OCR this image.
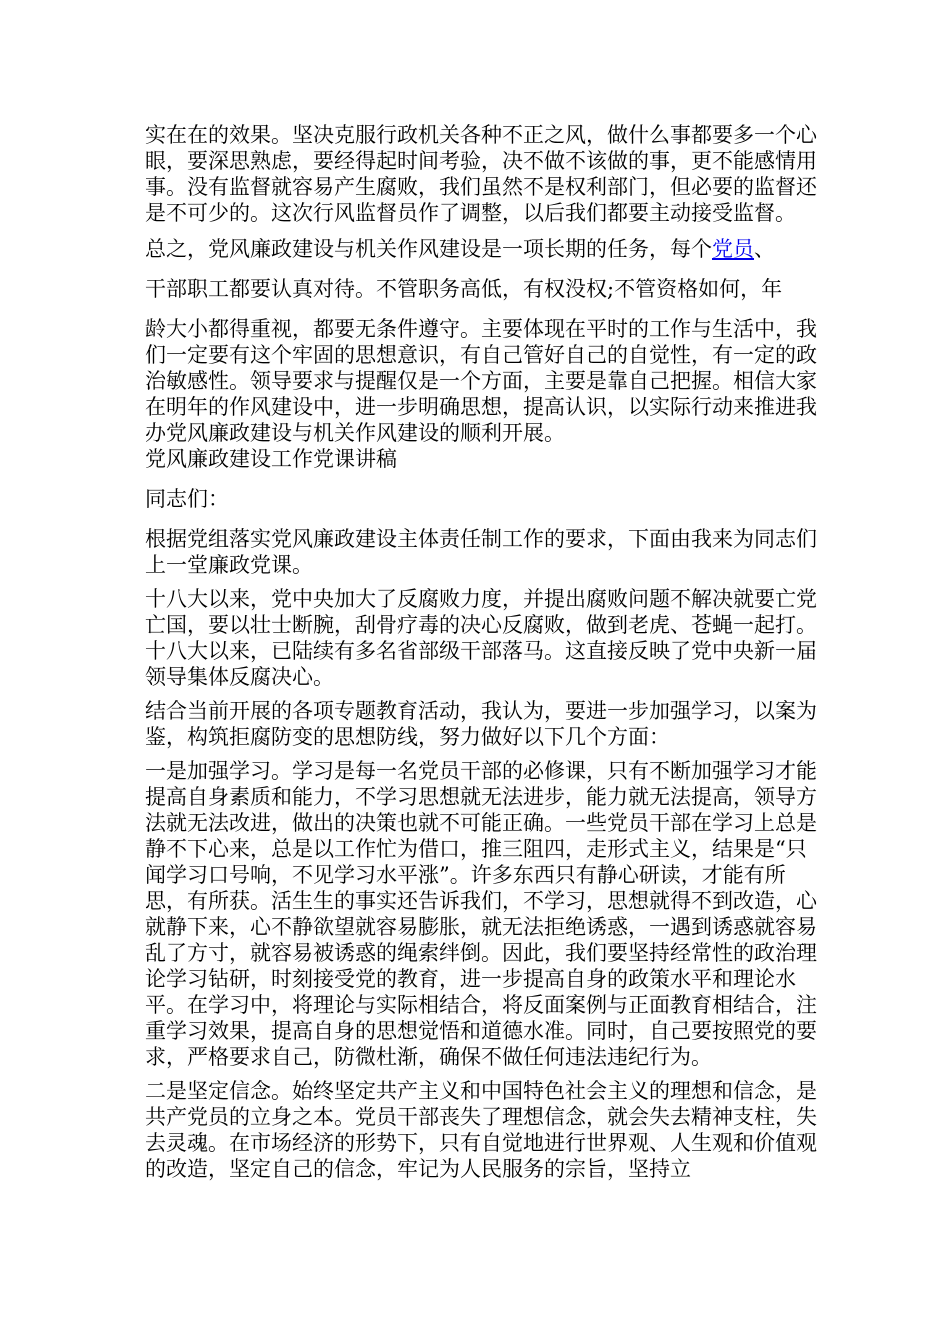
实在在的效果。坚决克服行政机关各种不正之风，做什么事都要多一个心眼，要深思熟虑，要经得起时间考验，决不做不该做的事，更不能感情用事。没有监督就容易产生腐败，我们虽然不是权利部门，但必要的监督还是不可少的。这次行风监督员作了调整，以后我们都要主动接受监督。

总之，党风廉政建设与机关作风建设是一项长期的任务，每个党员、

干部职工都要认真对待。不管职务高低，有权没权;不管资格如何，年

龄大小都得重视，都要无条件遵守。主要体现在平时的工作与生活中，我们一定要有这个牢固的思想意识，有自己管好自己的自觉性，有一定的政治敏感性。领导要求与提醒仅是一个方面，主要是靠自己把握。相信大家在明年的作风建设中，进一步明确思想，提高认识，以实际行动来推进我办党风廉政建设与机关作风建设的顺利开展。

党风廉政建设工作党课讲稿

同志们：

根据党组落实党风廉政建设主体责任制工作的要求，下面由我来为同志们上一堂廉政党课。

十八大以来，党中央加大了反腐败力度，并提出腐败问题不解决就要亡党亡国，要以壮士断腕，刮骨疗毒的决心反腐败，做到老虎、苍蝇一起打。十八大以来，已陆续有多名省部级干部落马。这直接反映了党中央新一届领导集体反腐决心。

结合当前开展的各项专题教育活动，我认为，要进一步加强学习，以案为鉴，构筑拒腐防变的思想防线，努力做好以下几个方面：

一是加强学习。学习是每一名党员干部的必修课，只有不断加强学习才能提高自身素质和能力，不学习思想就无法进步，能力就无法提高，领导方法就无法改进，做出的决策也就不可能正确。一些党员干部在学习上总是静不下心来，总是以工作忙为借口，推三阻四，走形式主义，结果是“只闻学习口号响，不见学习水平涨”。许多东西只有静心研读，才能有所思，有所获。活生生的事实还告诉我们，不学习，思想就得不到改造，心就静下来，心不静欲望就容易膨胀，就无法拒绝诱惑，一遇到诱惑就容易乱了方寸，就容易被诱惑的绳索绊倒。因此，我们要坚持经常性的政治理论学习钻研，时刻接受党的教育，进一步提高自身的政策水平和理论水平。在学习中，将理论与实际相结合，将反面案例与正面教育相结合，注重学习效果，提高自身的思想觉悟和道德水准。同时，自己要按照党的要求，严格要求自己，防微杜渐，确保不做任何违法违纪行为。

二是坚定信念。始终坚定共产主义和中国特色社会主义的理想和信念，是共产党员的立身之本。党员干部丧失了理想信念，就会失去精神支柱，失去灵魂。在市场经济的形势下，只有自觉地进行世界观、人生观和价值观的改造，坚定自己的信念，牢记为人民服务的宗旨，坚持立
